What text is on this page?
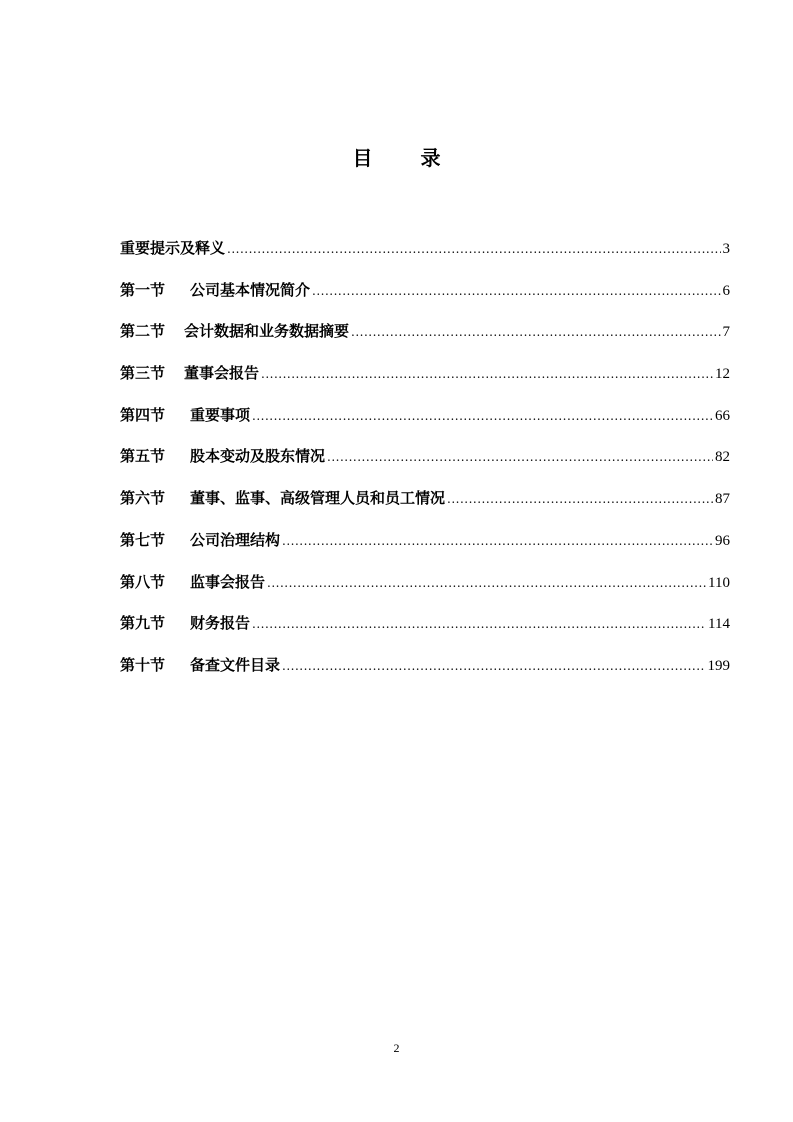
目 录
重要提示及释义 .....	3
第一节	公司基本情况简介 .....	6
第二节	会计数据和业务数据摘要 .....	7
第三节	董事会报告 .....	12
第四节	重要事项 .....	66
第五节	股本变动及股东情况 .....	82
第六节	董事、监事、高级管理人员和员工情况 .....	87
第七节	公司治理结构 .....	96
第八节	监事会报告 .....	110
第九节	财务报告 .....	114
第十节	备查文件目录 .....	199
2
